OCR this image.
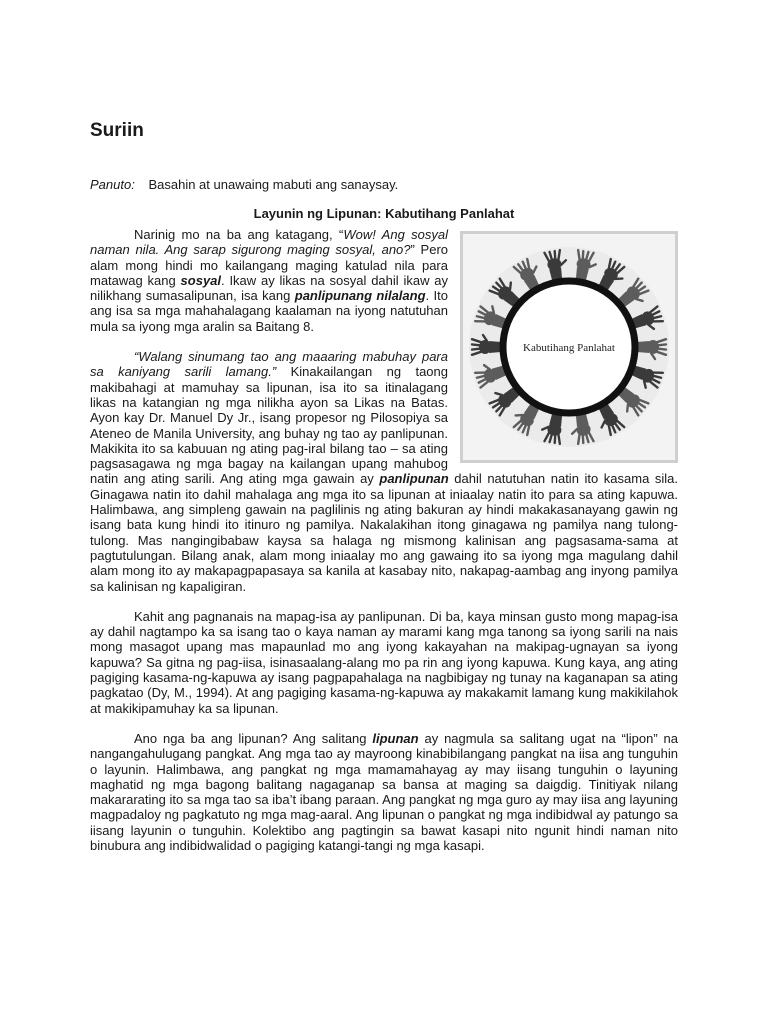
Suriin
Panuto: Basahin at unawaing mabuti ang sanaysay.
Layunin ng Lipunan: Kabutihang Panlahat
Kabutihang Panlahat

Narinig mo na ba ang katagang, “Wow! Ang sosyal naman nila. Ang sarap sigurong maging sosyal, ano?” Pero alam mong hindi mo kailangang maging katulad nila para matawag kang sosyal. Ikaw ay likas na sosyal dahil ikaw ay nilikhang sumasalipunan, isa kang panlipunang nilalang. Ito ang isa sa mga mahahalagang kaalaman na iyong natutuhan mula sa iyong mga aralin sa Baitang 8.

“Walang sinumang tao ang maaaring mabuhay para sa kaniyang sarili lamang.” Kinakailangan ng taong makibahagi at mamuhay sa lipunan, isa ito sa itinalagang likas na katangian ng mga nilikha ayon sa Likas na Batas. Ayon kay Dr. Manuel Dy Jr., isang propesor ng Pilosopiya sa Ateneo de Manila University, ang buhay ng tao ay panlipunan. Makikita ito sa kabuuan ng ating pag-iral bilang tao – sa ating pagsasagawa ng mga bagay na kailangan upang mahubog natin ang ating sarili. Ang ating mga gawain ay panlipunan dahil natutuhan natin ito kasama sila. Ginagawa natin ito dahil mahalaga ang mga ito sa lipunan at iniaalay natin ito para sa ating kapuwa. Halimbawa, ang simpleng gawain na paglilinis ng ating bakuran ay hindi makakasanayang gawin ng isang bata kung hindi ito itinuro ng pamilya. Nakalakihan itong ginagawa ng pamilya nang tulong-tulong. Mas nangingibabaw kaysa sa halaga ng mismong kalinisan ang pagsasama-sama at pagtutulungan. Bilang anak, alam mong iniaalay mo ang gawaing ito sa iyong mga magulang dahil alam mong ito ay makapagpapasaya sa kanila at kasabay nito, nakapag-aambag ang inyong pamilya sa kalinisan ng kapaligiran.

Kahit ang pagnanais na mapag-isa ay panlipunan. Di ba, kaya minsan gusto mong mapag-isa ay dahil nagtampo ka sa isang tao o kaya naman ay marami kang mga tanong sa iyong sarili na nais mong masagot upang mas mapaunlad mo ang iyong kakayahan na makipag-ugnayan sa iyong kapuwa? Sa gitna ng pag-iisa, isinasaalang-alang mo pa rin ang iyong kapuwa. Kung kaya, ang ating pagiging kasama-ng-kapuwa ay isang pagpapahalaga na nagbibigay ng tunay na kaganapan sa ating pagkatao (Dy, M., 1994). At ang pagiging kasama-ng-kapuwa ay makakamit lamang kung makikilahok at makikipamuhay ka sa lipunan.

Ano nga ba ang lipunan? Ang salitang lipunan ay nagmula sa salitang ugat na “lipon” na nangangahulugang pangkat. Ang mga tao ay mayroong kinabibilangang pangkat na iisa ang tunguhin o layunin. Halimbawa, ang pangkat ng mga mamamahayag ay may iisang tunguhin o layuning maghatid ng mga bagong balitang nagaganap sa bansa at maging sa daigdig. Tinitiyak nilang makararating ito sa mga tao sa iba’t ibang paraan. Ang pangkat ng mga guro ay may iisa ang layuning magpadaloy ng pagkatuto ng mga mag-aaral. Ang lipunan o pangkat ng mga indibidwal ay patungo sa iisang layunin o tunguhin. Kolektibo ang pagtingin sa bawat kasapi nito ngunit hindi naman nito binubura ang indibidwalidad o pagiging katangi-tangi ng mga kasapi.
